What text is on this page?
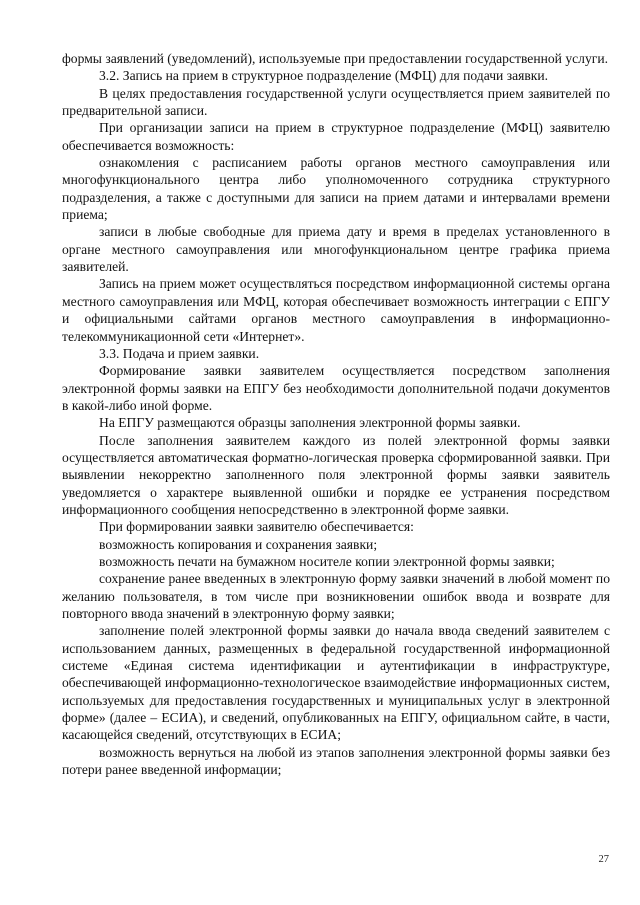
формы заявлений (уведомлений), используемые при предоставлении государственной услуги.

3.2. Запись на прием в структурное подразделение (МФЦ) для подачи заявки.

В целях предоставления государственной услуги осуществляется прием заявителей по предварительной записи.

При организации записи на прием в структурное подразделение (МФЦ) заявителю обеспечивается возможность:

ознакомления с расписанием работы органов местного самоуправления или многофункционального центра либо уполномоченного сотрудника структурного подразделения, а также с доступными для записи на прием датами и интервалами времени приема;

записи в любые свободные для приема дату и время в пределах установленного в органе местного самоуправления или многофункциональном центре графика приема заявителей.

Запись на прием может осуществляться посредством информационной системы органа местного самоуправления или МФЦ, которая обеспечивает возможность интеграции с ЕПГУ и официальными сайтами органов местного самоуправления в информационно-телекоммуникационной сети «Интернет».

3.3. Подача и прием заявки.

Формирование заявки заявителем осуществляется посредством заполнения электронной формы заявки на ЕПГУ без необходимости дополнительной подачи документов в какой-либо иной форме.

На ЕПГУ размещаются образцы заполнения электронной формы заявки.

После заполнения заявителем каждого из полей электронной формы заявки осуществляется автоматическая форматно-логическая проверка сформированной заявки. При выявлении некорректно заполненного поля электронной формы заявки заявитель уведомляется о характере выявленной ошибки и порядке ее устранения посредством информационного сообщения непосредственно в электронной форме заявки.

При формировании заявки заявителю обеспечивается:

возможность копирования и сохранения заявки;

возможность печати на бумажном носителе копии электронной формы заявки;

сохранение ранее введенных в электронную форму заявки значений в любой момент по желанию пользователя, в том числе при возникновении ошибок ввода и возврате для повторного ввода значений в электронную форму заявки;

заполнение полей электронной формы заявки до начала ввода сведений заявителем с использованием данных, размещенных в федеральной государственной информационной системе «Единая система идентификации и аутентификации в инфраструктуре, обеспечивающей информационно-технологическое взаимодействие информационных систем, используемых для предоставления государственных и муниципальных услуг в электронной форме» (далее – ЕСИА), и сведений, опубликованных на ЕПГУ, официальном сайте, в части, касающейся сведений, отсутствующих в ЕСИА;

возможность вернуться на любой из этапов заполнения электронной формы заявки без потери ранее введенной информации;

27
